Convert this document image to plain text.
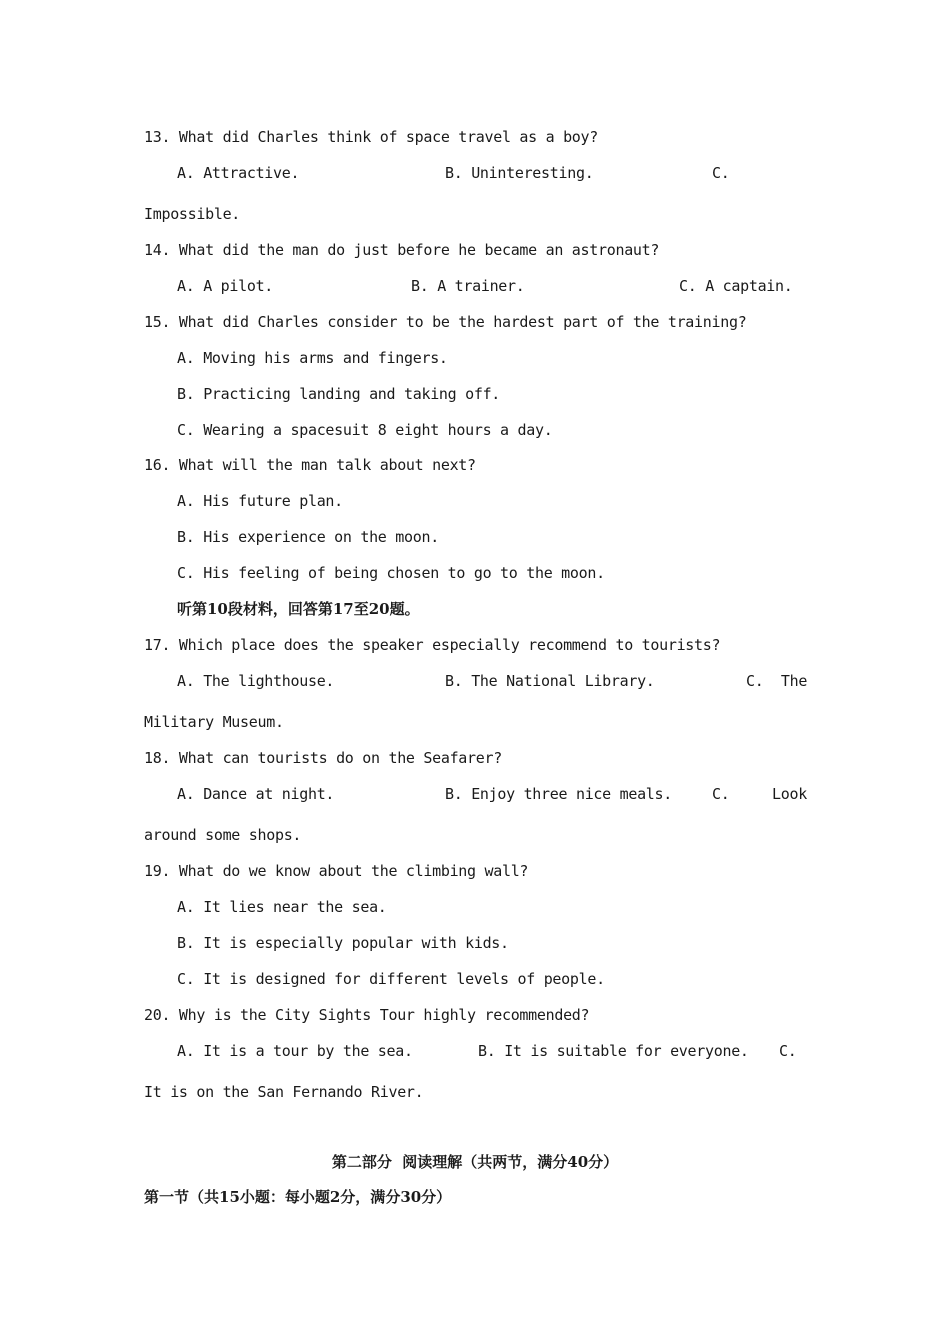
13. What did Charles think of space travel as a boy?
A. Attractive.	B. Uninteresting.	C.
Impossible.
14. What did the man do just before he became an astronaut?
A. A pilot.	B. A trainer.	C. A captain.
15. What did Charles consider to be the hardest part of the training?
A. Moving his arms and fingers.
B. Practicing landing and taking off.
C. Wearing a spacesuit 8 eight hours a day.
16. What will the man talk about next?
A. His future plan.
B. His experience on the moon.
C. His feeling of being chosen to go to the moon.
听第10段材料，回答第17至20题。
17. Which place does the speaker especially recommend to tourists?
A. The lighthouse.	B. The National Library.	C.  The
Military Museum.
18. What can tourists do on the Seafarer?
A. Dance at night.	B. Enjoy three nice meals.	C.	Look
around some shops.
19. What do we know about the climbing wall?
A. It lies near the sea.
B. It is especially popular with kids.
C. It is designed for different levels of people.
20. Why is the City Sights Tour highly recommended?
A. It is a tour by the sea.	B. It is suitable for everyone. C.
It is on the San Fernando River.
第二部分  阅读理解（共两节，满分40分）
第一节（共15小题：每小题2分，满分30分）
